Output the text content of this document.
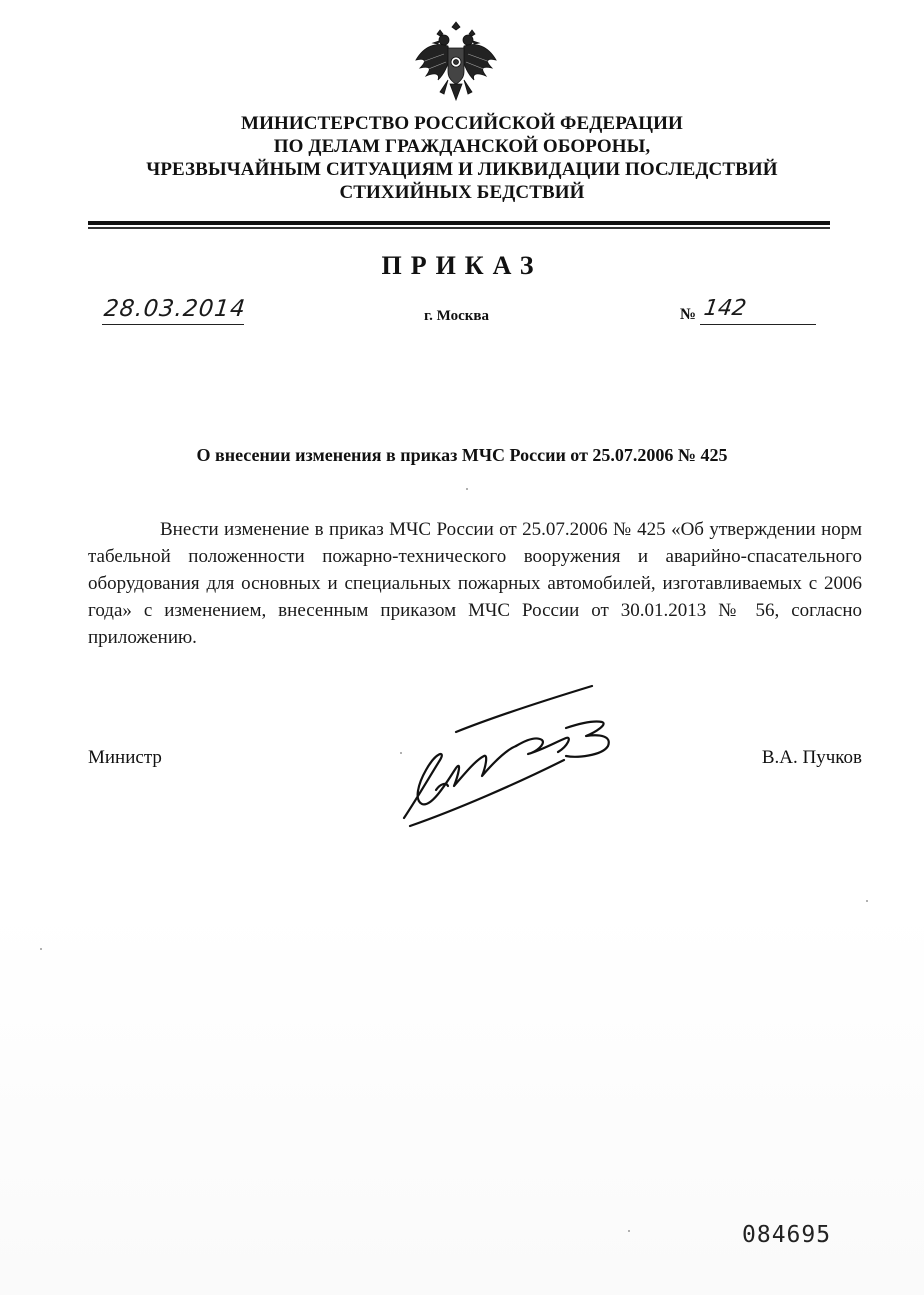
МИНИСТЕРСТВО РОССИЙСКОЙ ФЕДЕРАЦИИ
ПО ДЕЛАМ ГРАЖДАНСКОЙ ОБОРОНЫ,
ЧРЕЗВЫЧАЙНЫМ СИТУАЦИЯМ И ЛИКВИДАЦИИ ПОСЛЕДСТВИЙ
СТИХИЙНЫХ БЕДСТВИЙ
ПРИКАЗ
28.03.2014	г. Москва	№ 142
О внесении изменения в приказ МЧС России от 25.07.2006 № 425
Внести изменение в приказ МЧС России от 25.07.2006 № 425 «Об утверждении норм табельной положенности пожарно-технического вооружения и аварийно-спасательного оборудования для основных и специальных пожарных автомобилей, изготавливаемых с 2006 года» с изменением, внесенным приказом МЧС России от 30.01.2013 № 56, согласно приложению.
Министр	В.А. Пучков
084695
